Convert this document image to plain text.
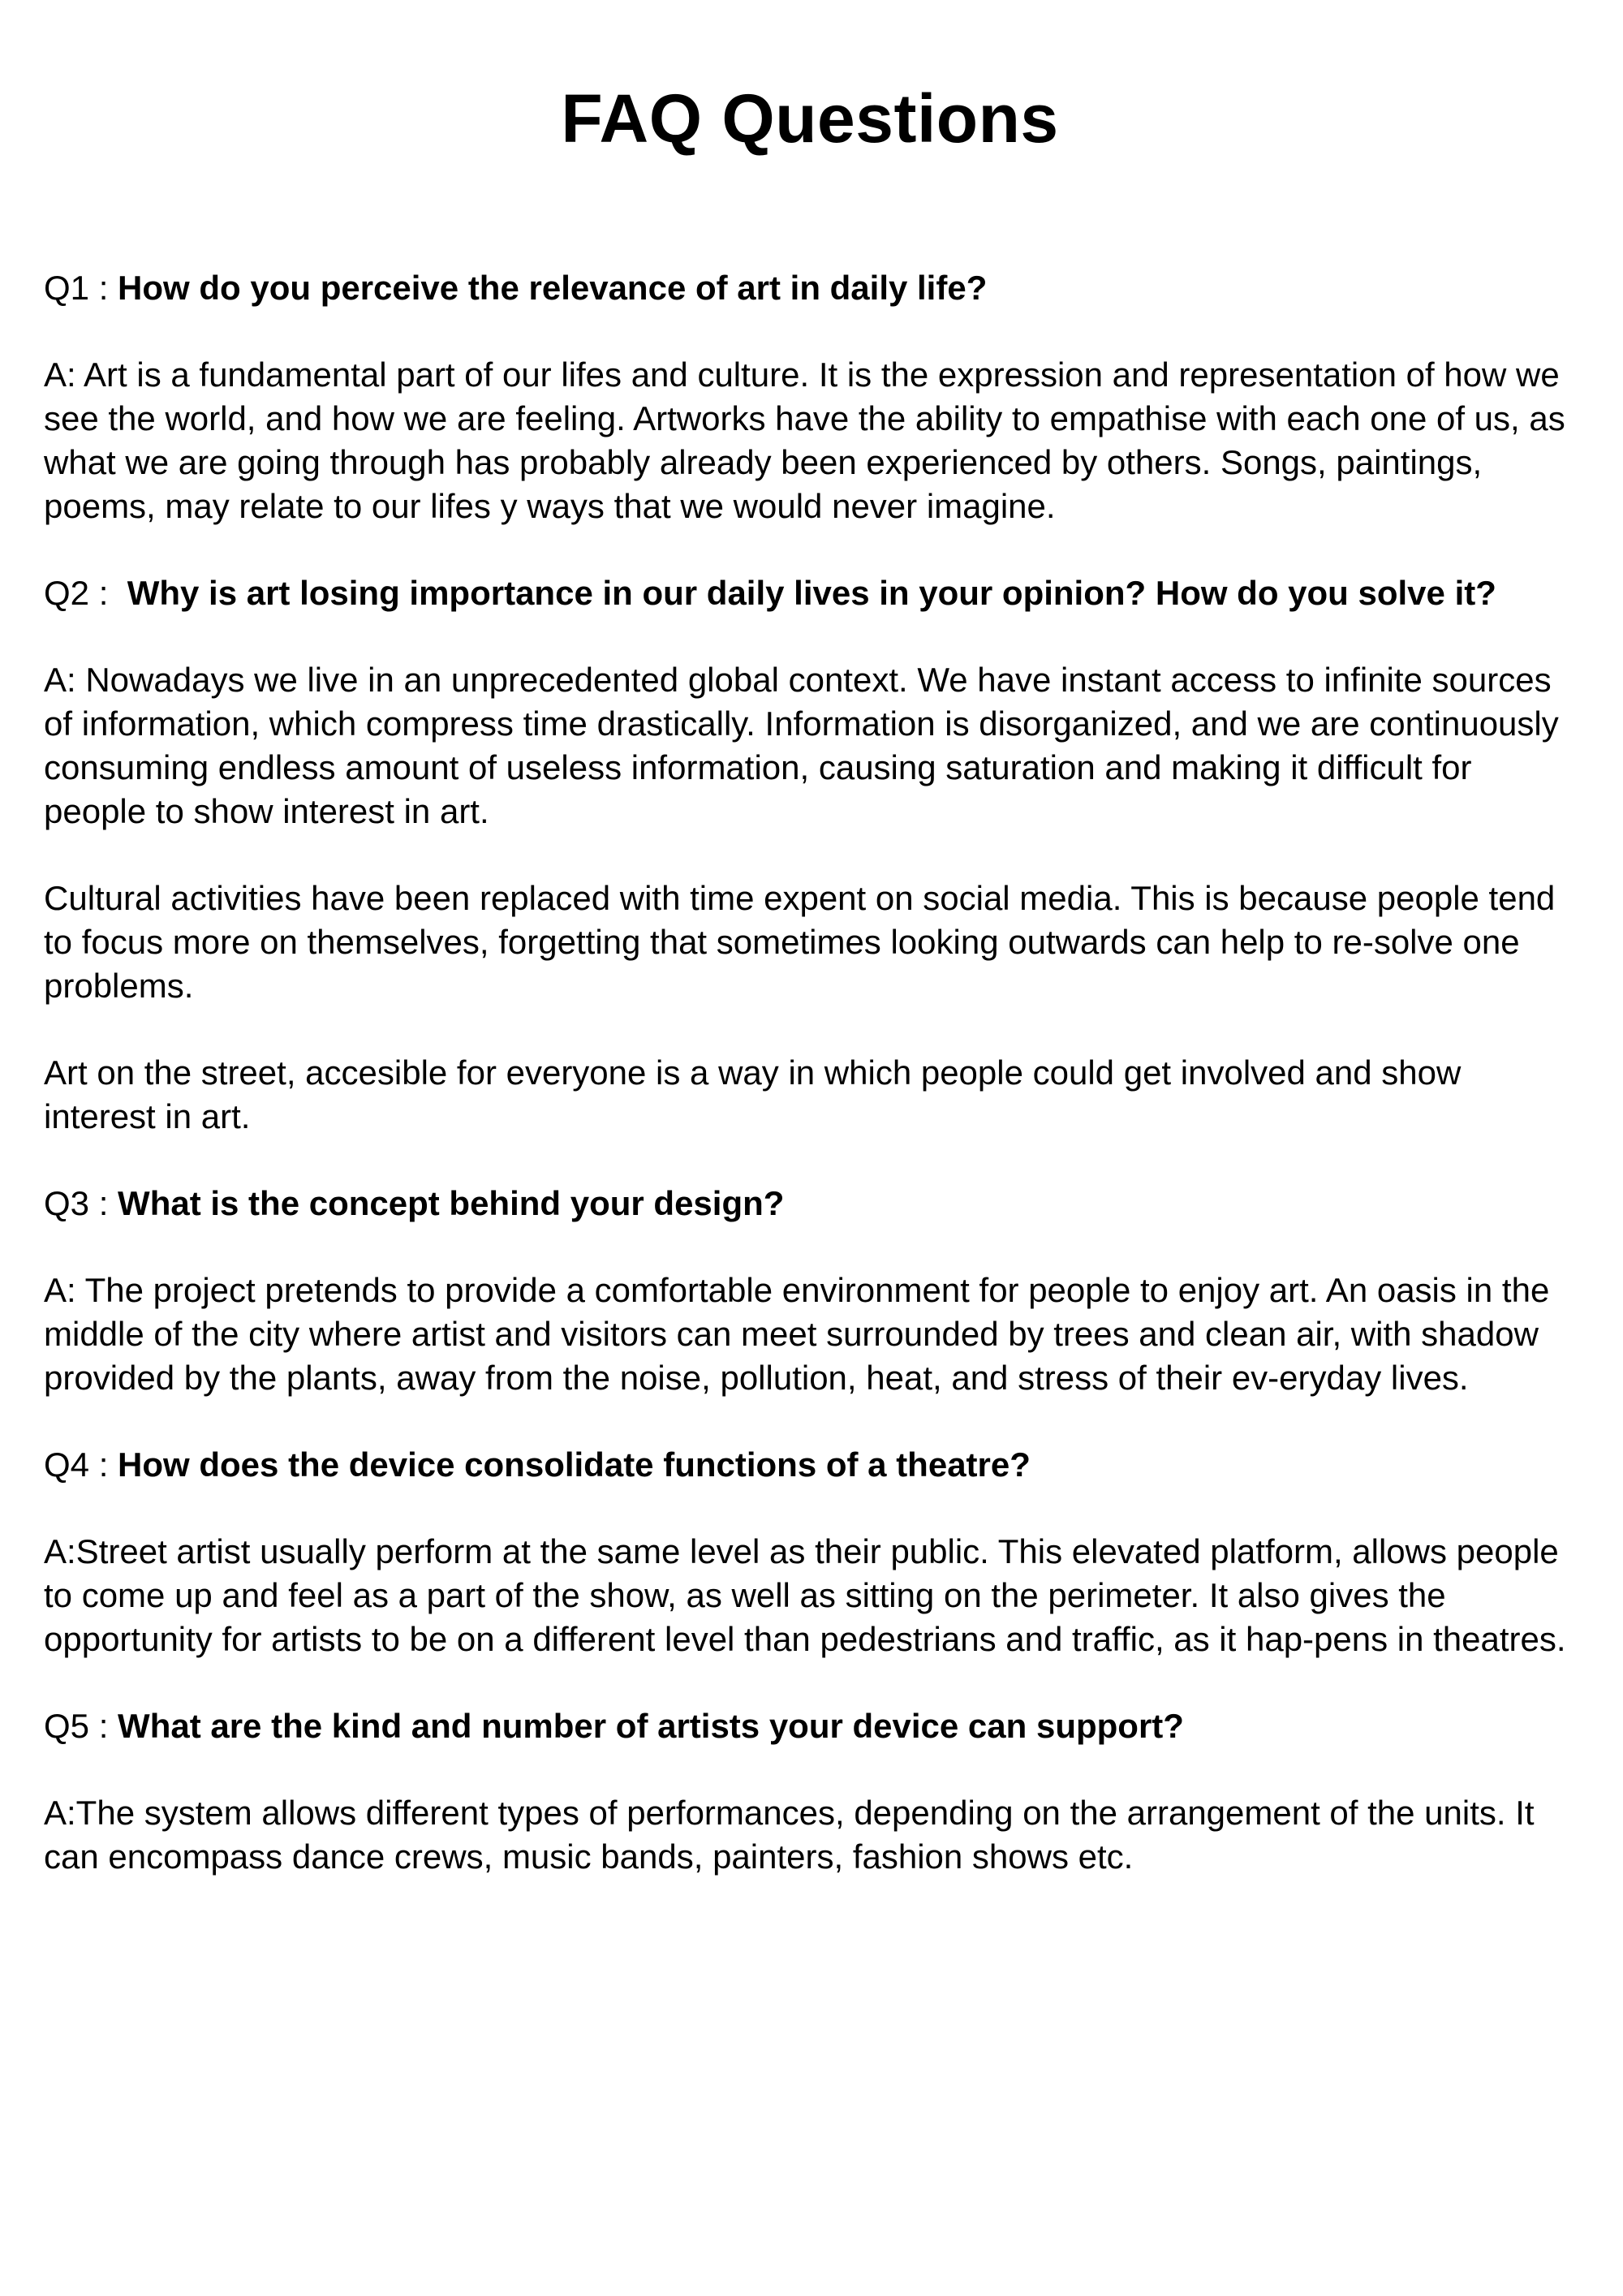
FAQ Questions

Q1 : How do you perceive the relevance of art in daily life?

A: Art is a fundamental part of our lifes and culture. It is the expression and representation of how we see the world, and how we are feeling. Artworks have the ability to empathise with each one of us, as what we are going through has probably already been experienced by others. Songs, paintings, poems, may relate to our lifes y ways that we would never imagine.

Q2 :  Why is art losing importance in our daily lives in your opinion? How do you solve it?

A: Nowadays we live in an unprecedented global context. We have instant access to infinite sources of information, which compress time drastically. Information is disorganized, and we are continuously consuming endless amount of useless information, causing saturation and making it difficult for people to show interest in art.

Cultural activities have been replaced with time expent on social media. This is because people tend to focus more on themselves, forgetting that sometimes looking outwards can help to re-solve one problems.

Art on the street, accesible for everyone is a way in which people could get involved and show interest in art.

Q3 : What is the concept behind your design?

A: The project pretends to provide a comfortable environment for people to enjoy art. An oasis in the middle of the city where artist and visitors can meet surrounded by trees and clean air, with shadow provided by the plants, away from the noise, pollution, heat, and stress of their ev-eryday lives.

Q4 : How does the device consolidate functions of a theatre?

A:Street artist usually perform at the same level as their public. This elevated platform, allows people to come up and feel as a part of the show, as well as sitting on the perimeter. It also gives the opportunity for artists to be on a different level than pedestrians and traffic, as it hap-pens in theatres.

Q5 : What are the kind and number of artists your device can support?

A:The system allows different types of performances, depending on the arrangement of the units. It can encompass dance crews, music bands, painters, fashion shows etc.
